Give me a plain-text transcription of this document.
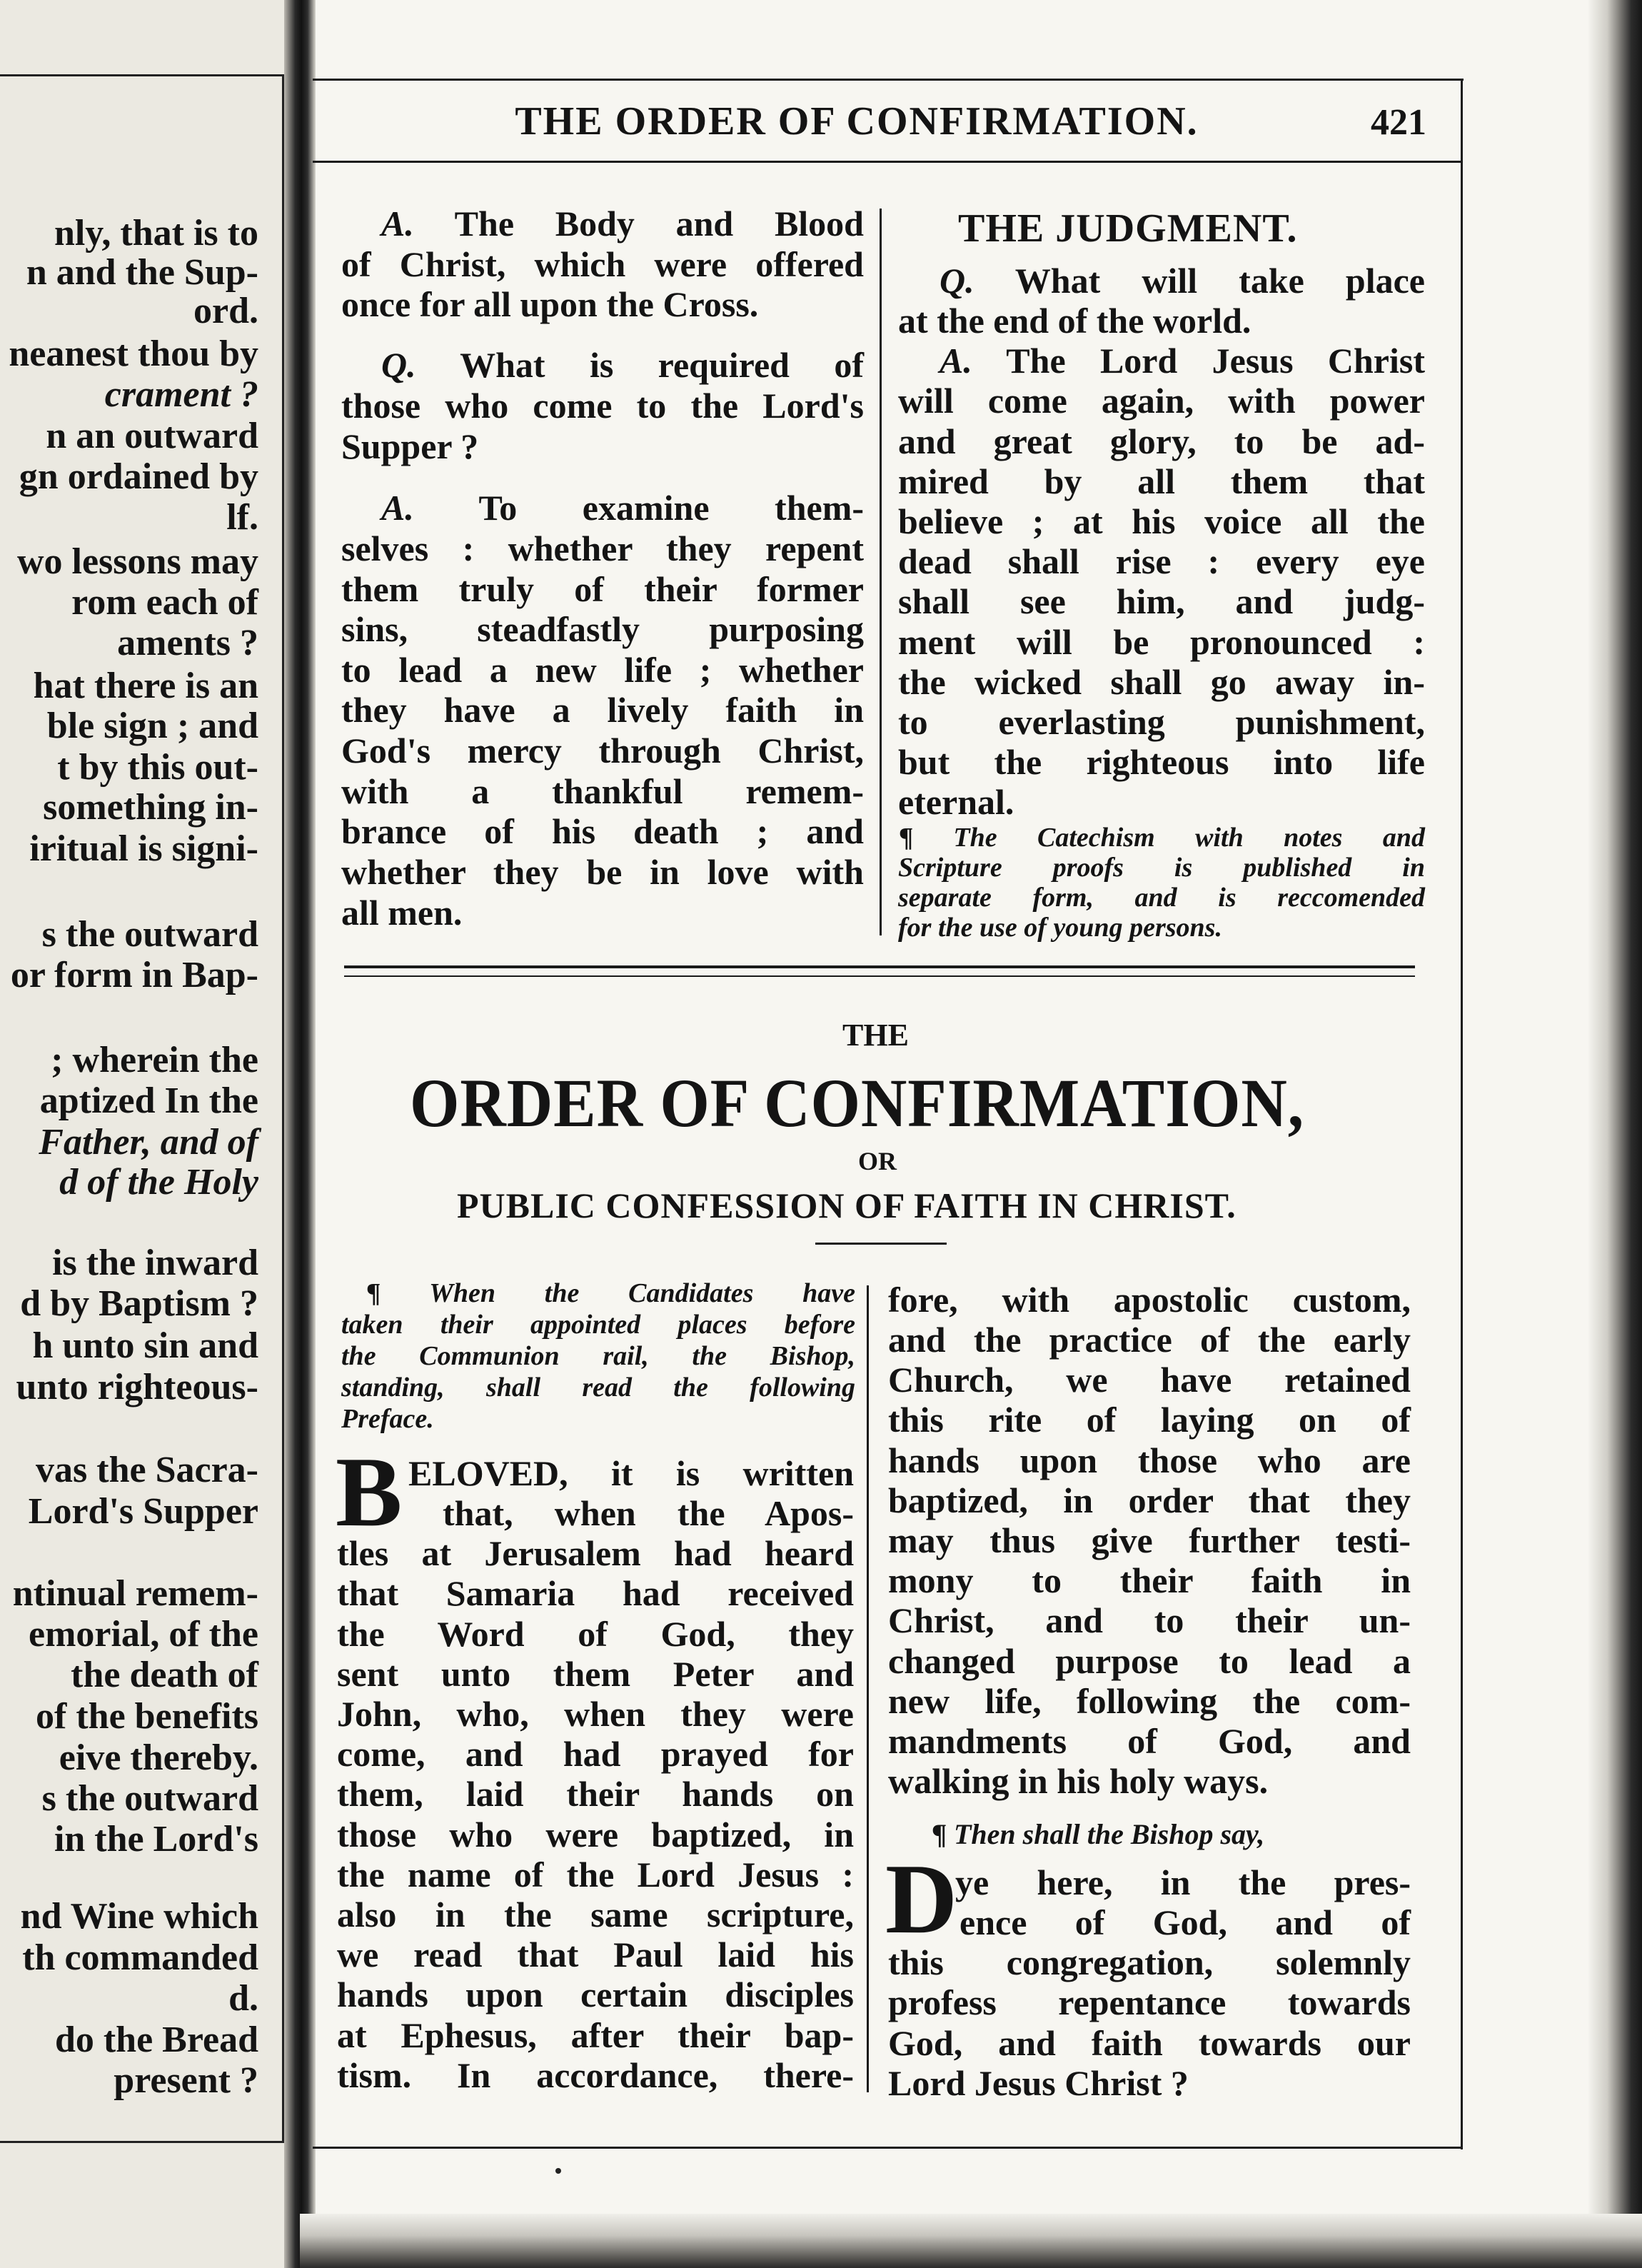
nly, that is to
n and the Sup-
ord.
neanest thou by
crament ?
n an outward
gn ordained by
lf.
wo lessons may
rom each of
aments ?
hat there is an
ble sign ; and
t by this out-
something in-
iritual is signi-
s the outward
or form in Bap-
; wherein the
aptized In the
Father, and of
d of the Holy
is the inward
d by Baptism ?
h unto sin and
unto righteous-
vas the Sacra-
Lord's Supper
ntinual remem-
emorial, of the
the death of
of the benefits
eive thereby.
s the outward
in the Lord's
nd Wine which
th commanded
d.
do the Bread
present ?
THE ORDER OF CONFIRMATION.	421
A. The Body and Blood
of Christ, which were offered
once for all upon the Cross.
Q. What is required of
those who come to the Lord's
Supper ?
A. To examine them-
selves : whether they repent
them truly of their former
sins, steadfastly purposing
to lead a new life ; whether
they have a lively faith in
God's mercy through Christ,
with a thankful remem-
brance of his death ; and
whether they be in love with
all men.
THE JUDGMENT.
Q. What will take place
at the end of the world.
A. The Lord Jesus Christ
will come again, with power
and great glory, to be ad-
mired by all them that
believe ; at his voice all the
dead shall rise : every eye
shall see him, and judg-
ment will be pronounced :
the wicked shall go away in-
to everlasting punishment,
but the righteous into life
eternal.
¶ The Catechism with notes and
Scripture proofs is published in
separate form, and is reccomended
for the use of young persons.
THE
ORDER OF CONFIRMATION,
OR
PUBLIC CONFESSION OF FAITH IN CHRIST.
¶ When the Candidates have
taken their appointed places before
the Communion rail, the Bishop,
standing, shall read the following
Preface.
B ELOVED, it is written
that, when the Apos-
tles at Jerusalem had heard
that Samaria had received
the Word of God, they
sent unto them Peter and
John, who, when they were
come, and had prayed for
them, laid their hands on
those who were baptized, in
the name of the Lord Jesus :
also in the same scripture,
we read that Paul laid his
hands upon certain disciples
at Ephesus, after their bap-
tism. In accordance, there-
fore, with apostolic custom,
and the practice of the early
Church, we have retained
this rite of laying on of
hands upon those who are
baptized, in order that they
may thus give further testi-
mony to their faith in
Christ, and to their un-
changed purpose to lead a
new life, following the com-
mandments of God, and
walking in his holy ways.
¶ Then shall the Bishop say,
D
ye here, in the pres-
ence of God, and of
this congregation, solemnly
profess repentance towards
God, and faith towards our
Lord Jesus Christ ?
